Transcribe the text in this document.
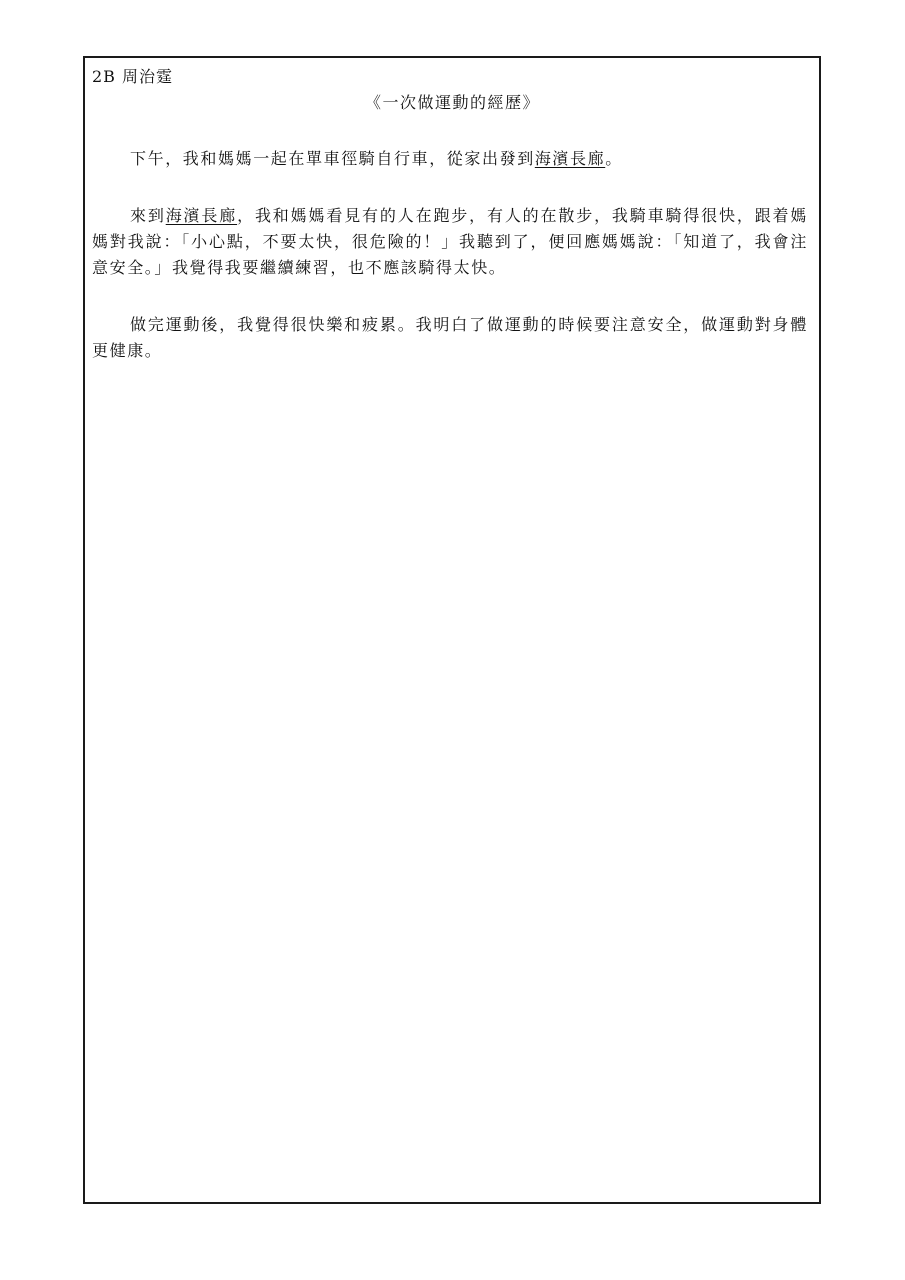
2B 周治霆
《一次做運動的經歷》

下午，我和媽媽一起在單車徑騎自行車，從家出發到海濱長廊。

來到海濱長廊，我和媽媽看見有的人在跑步，有人的在散步，我騎車騎得很快，跟着媽媽對我說：「小心點，不要太快，很危險的！」我聽到了，便回應媽媽說：「知道了，我會注意安全。」我覺得我要繼續練習，也不應該騎得太快。

做完運動後，我覺得很快樂和疲累。我明白了做運動的時候要注意安全，做運動對身體更健康。
